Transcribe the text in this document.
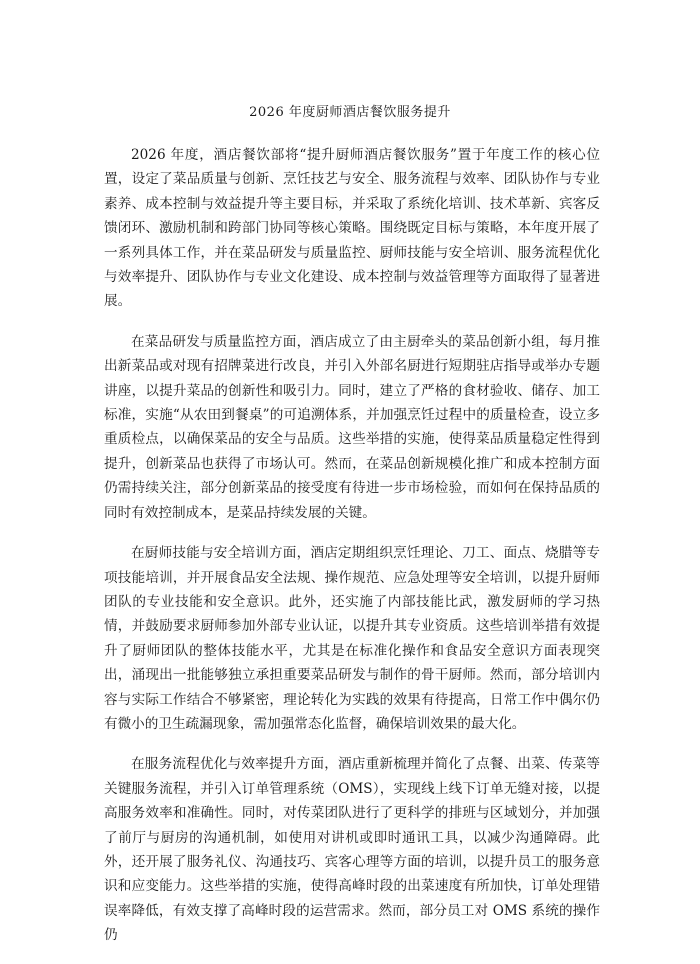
2026 年度厨师酒店餐饮服务提升

2026 年度，酒店餐饮部将“提升厨师酒店餐饮服务”置于年度工作的核心位置，设定了菜品质量与创新、烹饪技艺与安全、服务流程与效率、团队协作与专业素养、成本控制与效益提升等主要目标，并采取了系统化培训、技术革新、宾客反馈闭环、激励机制和跨部门协同等核心策略。围绕既定目标与策略，本年度开展了一系列具体工作，并在菜品研发与质量监控、厨师技能与安全培训、服务流程优化与效率提升、团队协作与专业文化建设、成本控制与效益管理等方面取得了显著进展。

在菜品研发与质量监控方面，酒店成立了由主厨牵头的菜品创新小组，每月推出新菜品或对现有招牌菜进行改良，并引入外部名厨进行短期驻店指导或举办专题讲座，以提升菜品的创新性和吸引力。同时，建立了严格的食材验收、储存、加工标准，实施“从农田到餐桌”的可追溯体系，并加强烹饪过程中的质量检查，设立多重质检点，以确保菜品的安全与品质。这些举措的实施，使得菜品质量稳定性得到提升，创新菜品也获得了市场认可。然而，在菜品创新规模化推广和成本控制方面仍需持续关注，部分创新菜品的接受度有待进一步市场检验，而如何在保持品质的同时有效控制成本，是菜品持续发展的关键。

在厨师技能与安全培训方面，酒店定期组织烹饪理论、刀工、面点、烧腊等专项技能培训，并开展食品安全法规、操作规范、应急处理等安全培训，以提升厨师团队的专业技能和安全意识。此外，还实施了内部技能比武，激发厨师的学习热情，并鼓励要求厨师参加外部专业认证，以提升其专业资质。这些培训举措有效提升了厨师团队的整体技能水平，尤其是在标准化操作和食品安全意识方面表现突出，涌现出一批能够独立承担重要菜品研发与制作的骨干厨师。然而，部分培训内容与实际工作结合不够紧密，理论转化为实践的效果有待提高，日常工作中偶尔仍有微小的卫生疏漏现象，需加强常态化监督，确保培训效果的最大化。

在服务流程优化与效率提升方面，酒店重新梳理并简化了点餐、出菜、传菜等关键服务流程，并引入订单管理系统（OMS），实现线上线下订单无缝对接，以提高服务效率和准确性。同时，对传菜团队进行了更科学的排班与区域划分，并加强了前厅与厨房的沟通机制，如使用对讲机或即时通讯工具，以减少沟通障碍。此外，还开展了服务礼仪、沟通技巧、宾客心理等方面的培训，以提升员工的服务意识和应变能力。这些举措的实施，使得高峰时段的出菜速度有所加快，订单处理错误率降低，有效支撑了高峰时段的运营需求。然而，部分员工对 OMS 系统的操作仍
